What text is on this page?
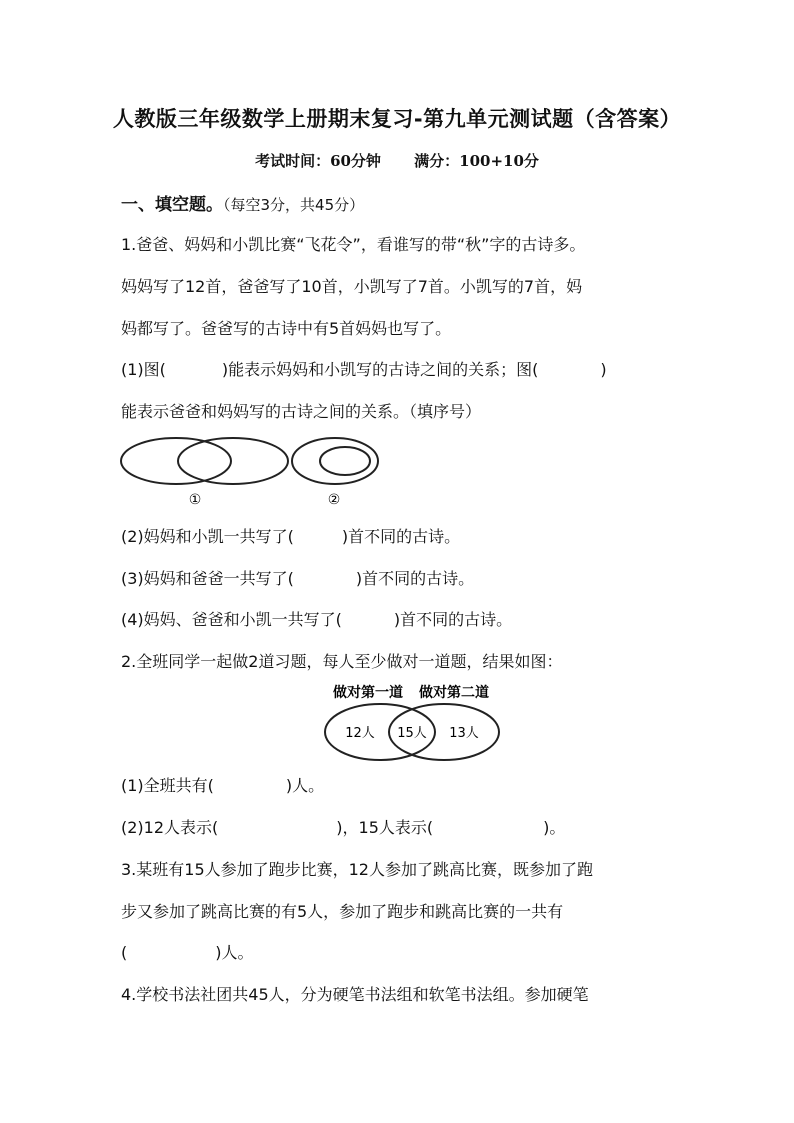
人教版三年级数学上册期末复习-第九单元测试题（含答案）
考试时间：60分钟 满分：100+10分
一、填空题。（每空3分，共45分）
1.爸爸、妈妈和小凯比赛“飞花令”，看谁写的带“秋”字的古诗多。
妈妈写了12首，爸爸写了10首，小凯写了7首。小凯写的7首，妈
妈都写了。爸爸写的古诗中有5首妈妈也写了。
(1)图(	)能表示妈妈和小凯写的古诗之间的关系；图(	)
能表示爸爸和妈妈写的古诗之间的关系。（填序号）
①	②
(2)妈妈和小凯一共写了(	)首不同的古诗。
(3)妈妈和爸爸一共写了(	)首不同的古诗。
(4)妈妈、爸爸和小凯一共写了(	)首不同的古诗。
2.全班同学一起做2道习题，每人至少做对一道题，结果如图：
做对第一道 做对第二道
12人 15人 13人
(1)全班共有(	)人。
(2)12人表示(	)，15人表示(	)。
3.某班有15人参加了跑步比赛，12人参加了跳高比赛，既参加了跑
步又参加了跳高比赛的有5人，参加了跑步和跳高比赛的一共有
(	)人。
4.学校书法社团共45人，分为硬笔书法组和软笔书法组。参加硬笔
